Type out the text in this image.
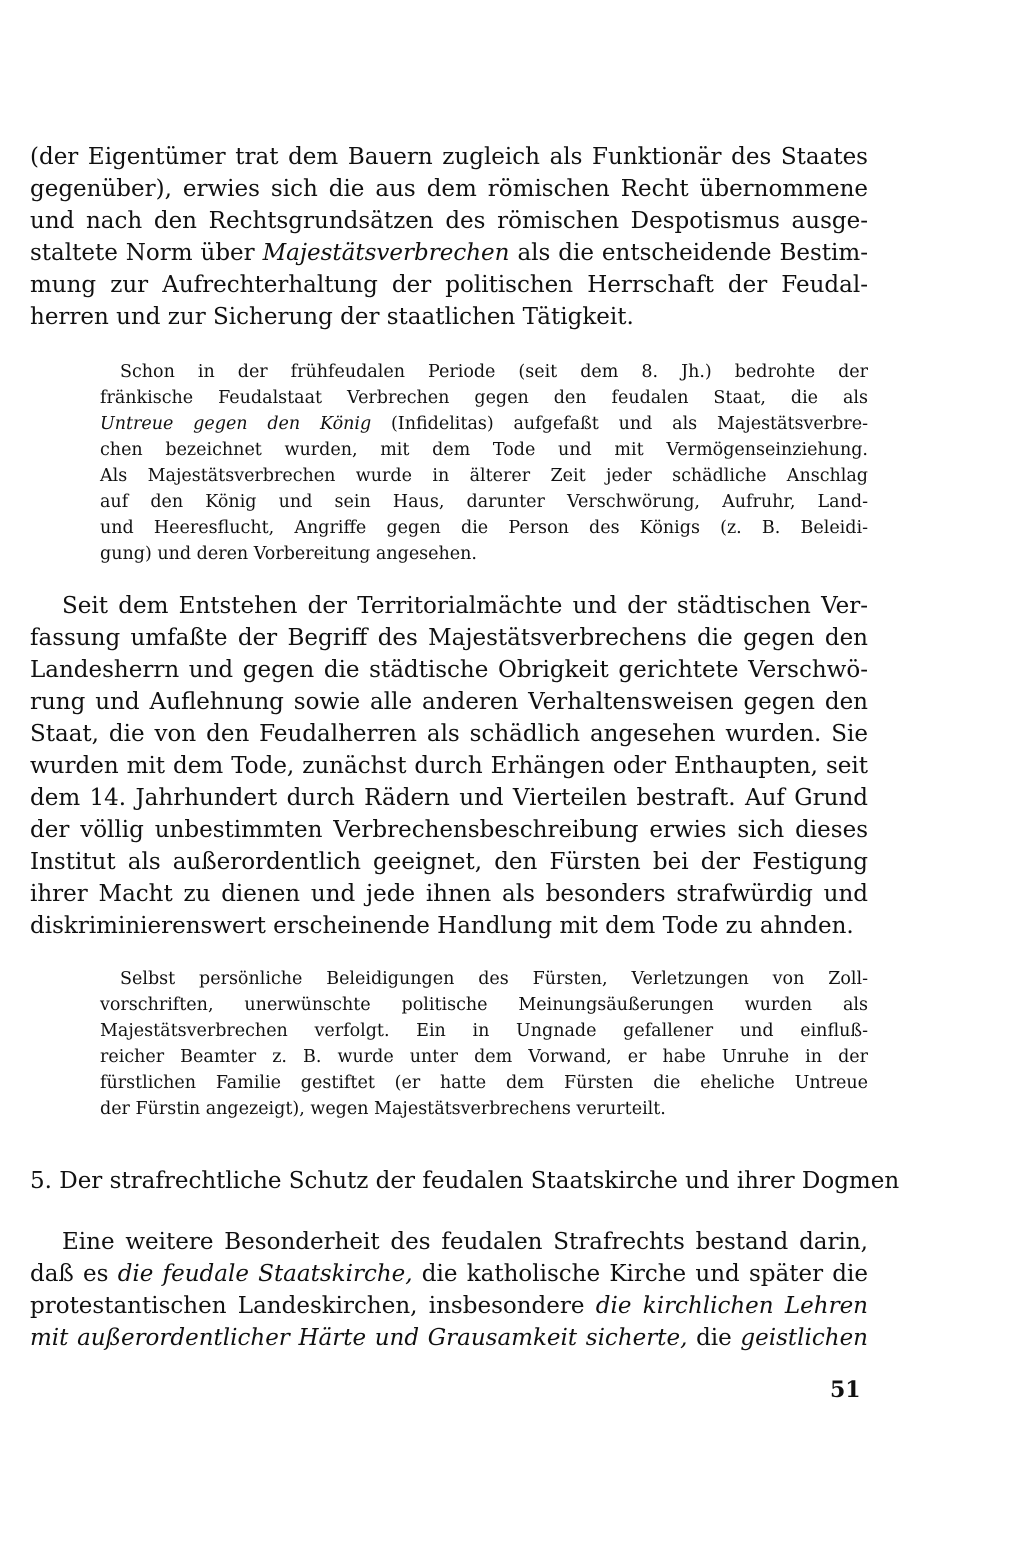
(der Eigentümer trat dem Bauern zugleich als Funktionär des Staates
gegenüber), erwies sich die aus dem römischen Recht übernommene
und nach den Rechtsgrundsätzen des römischen Despotismus ausge-
staltete Norm über Majestätsverbrechen als die entscheidende Bestim-
mung zur Aufrechterhaltung der politischen Herrschaft der Feudal-
herren und zur Sicherung der staatlichen Tätigkeit.

Schon in der frühfeudalen Periode (seit dem 8. Jh.) bedrohte der
fränkische Feudalstaat Verbrechen gegen den feudalen Staat, die als
Untreue gegen den König (Infidelitas) aufgefaßt und als Majestätsverbre-
chen bezeichnet wurden, mit dem Tode und mit Vermögenseinziehung.
Als Majestätsverbrechen wurde in älterer Zeit jeder schädliche Anschlag
auf den König und sein Haus, darunter Verschwörung, Aufruhr, Land-
und Heeresflucht, Angriffe gegen die Person des Königs (z. B. Beleidi-
gung) und deren Vorbereitung angesehen.

Seit dem Entstehen der Territorialmächte und der städtischen Ver-
fassung umfaßte der Begriff des Majestätsverbrechens die gegen den
Landesherrn und gegen die städtische Obrigkeit gerichtete Verschwö-
rung und Auflehnung sowie alle anderen Verhaltensweisen gegen den
Staat, die von den Feudalherren als schädlich angesehen wurden. Sie
wurden mit dem Tode, zunächst durch Erhängen oder Enthaupten, seit
dem 14. Jahrhundert durch Rädern und Vierteilen bestraft. Auf Grund
der völlig unbestimmten Verbrechensbeschreibung erwies sich dieses
Institut als außerordentlich geeignet, den Fürsten bei der Festigung
ihrer Macht zu dienen und jede ihnen als besonders strafwürdig und
diskriminierenswert erscheinende Handlung mit dem Tode zu ahnden.

Selbst persönliche Beleidigungen des Fürsten, Verletzungen von Zoll-
vorschriften, unerwünschte politische Meinungsäußerungen wurden als
Majestätsverbrechen verfolgt. Ein in Ungnade gefallener und einfluß-
reicher Beamter z. B. wurde unter dem Vorwand, er habe Unruhe in der
fürstlichen Familie gestiftet (er hatte dem Fürsten die eheliche Untreue
der Fürstin angezeigt), wegen Majestätsverbrechens verurteilt.

5. Der strafrechtliche Schutz der feudalen Staatskirche und ihrer Dogmen

Eine weitere Besonderheit des feudalen Strafrechts bestand darin,
daß es die feudale Staatskirche, die katholische Kirche und später die
protestantischen Landeskirchen, insbesondere die kirchlichen Lehren
mit außerordentlicher Härte und Grausamkeit sicherte, die geistlichen

51
